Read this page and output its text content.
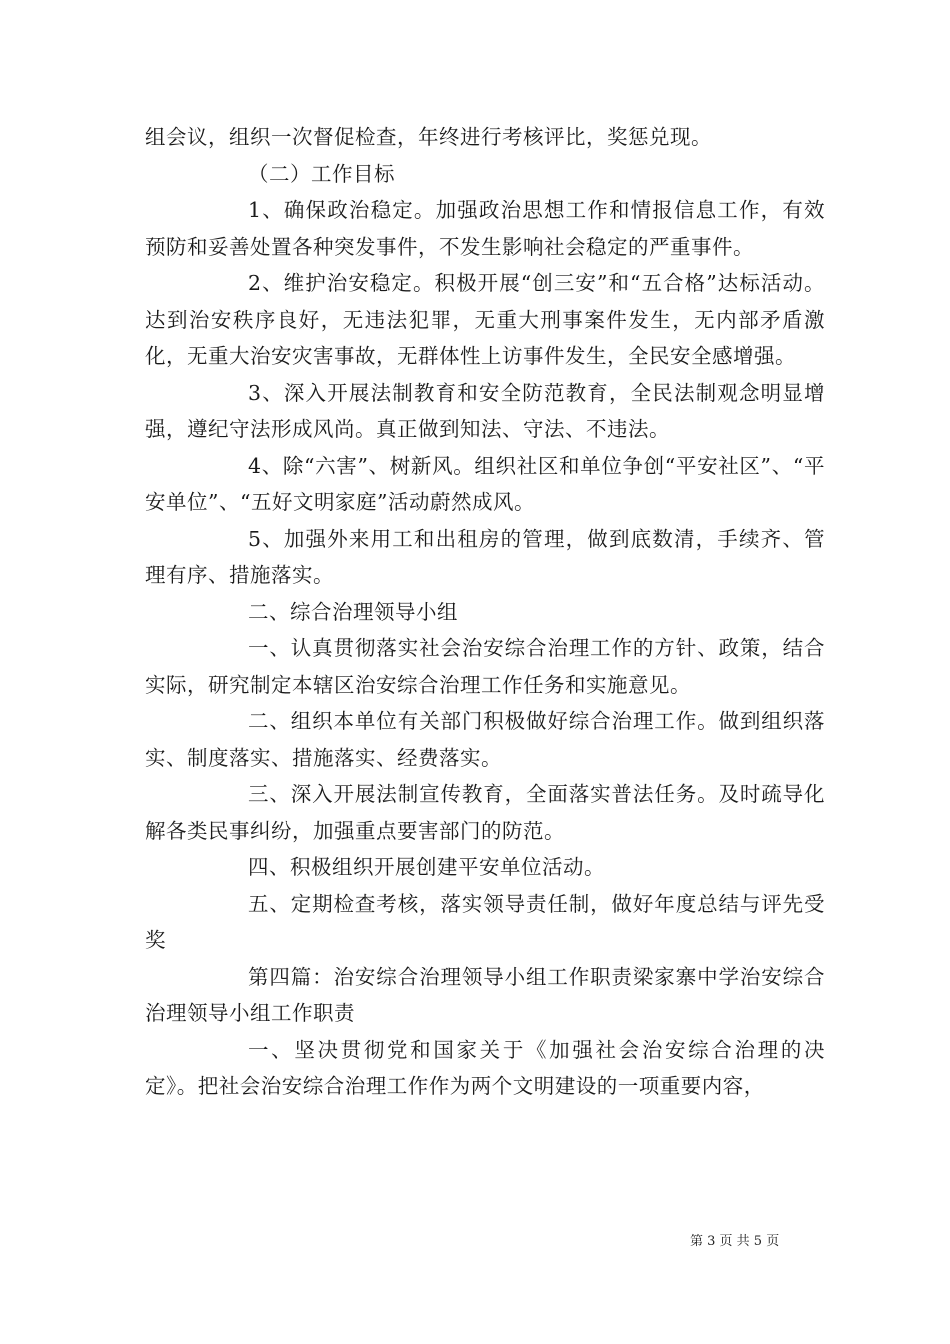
组会议，组织一次督促检查，年终进行考核评比，奖惩兑现。

（二）工作目标

1、确保政治稳定。加强政治思想工作和情报信息工作，有效预防和妥善处置各种突发事件，不发生影响社会稳定的严重事件。

2、维护治安稳定。积极开展“创三安”和“五合格”达标活动。达到治安秩序良好，无违法犯罪，无重大刑事案件发生，无内部矛盾激化，无重大治安灾害事故，无群体性上访事件发生，全民安全感增强。

3、深入开展法制教育和安全防范教育，全民法制观念明显增强，遵纪守法形成风尚。真正做到知法、守法、不违法。

4、除“六害”、树新风。组织社区和单位争创“平安社区”、“平安单位”、“五好文明家庭”活动蔚然成风。

5、加强外来用工和出租房的管理，做到底数清，手续齐、管理有序、措施落实。

二、综合治理领导小组

一、认真贯彻落实社会治安综合治理工作的方针、政策，结合实际，研究制定本辖区治安综合治理工作任务和实施意见。

二、组织本单位有关部门积极做好综合治理工作。做到组织落实、制度落实、措施落实、经费落实。

三、深入开展法制宣传教育，全面落实普法任务。及时疏导化解各类民事纠纷，加强重点要害部门的防范。

四、积极组织开展创建平安单位活动。

五、定期检查考核，落实领导责任制，做好年度总结与评先受奖

第四篇：治安综合治理领导小组工作职责梁家寨中学治安综合治理领导小组工作职责

一、坚决贯彻党和国家关于《加强社会治安综合治理的决定》。把社会治安综合治理工作作为两个文明建设的一项重要内容，

第 3 页 共 5 页
